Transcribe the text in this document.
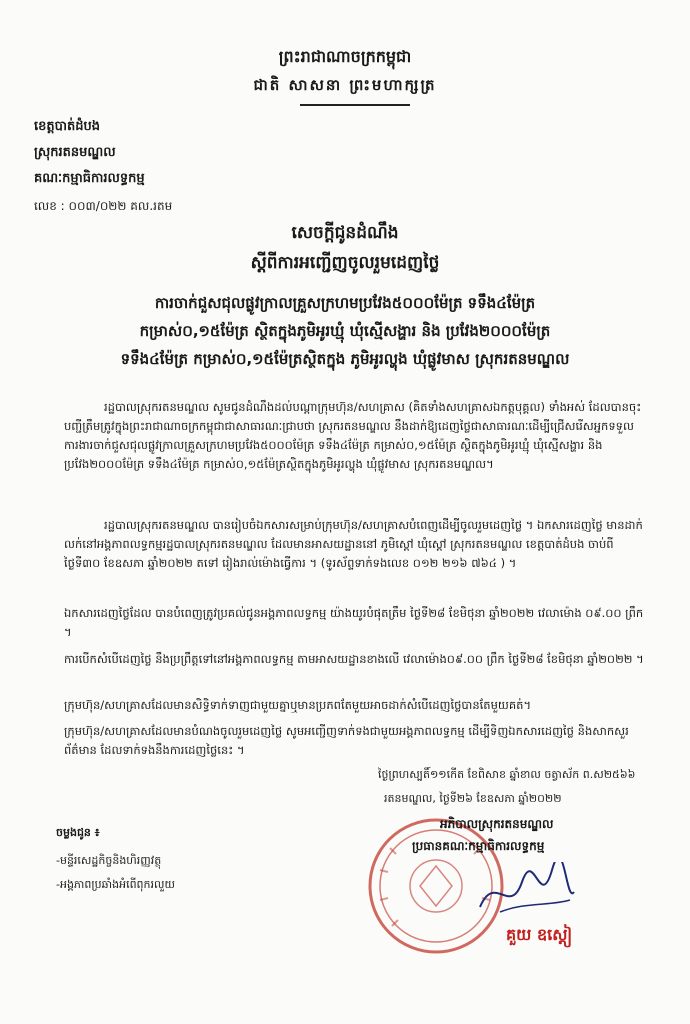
ព្រះរាជាណាចក្រកម្ពុជា
ជាតិ សាសនា ព្រះមហាក្សត្រ
ខេត្តបាត់ដំបង
ស្រុករតនមណ្ឌល
គណៈកម្មាធិការលទ្ធកម្ម
លេខ : ០០៣/០២២ គល.រតម
សេចក្តីជូនដំណឹង
ស្តីពីការអញ្ជើញចូលរួមដេញថ្លៃ
ការចាក់ជួសជុលផ្លូវក្រាលគ្រួសក្រហមប្រវែង៥០០០ម៉ែត្រ ទទឹង៤ម៉ែត្រ
កម្រាស់០,១៥ម៉ែត្រ ស្ថិតក្នុងភូមិអូរឃ្មុំ ឃុំស្មើសង្ហារ និង ប្រវែង២០០០ម៉ែត្រ
ទទឹង៤ម៉ែត្រ កម្រាស់០,១៥ម៉ែត្រស្ថិតក្នុង ភូមិអូរល្ហុង ឃុំផ្លូវមាស ស្រុករតនមណ្ឌល
រដ្ឋបាលស្រុករតនមណ្ឌល សូមជូនដំណឹងដល់បណ្តាក្រុមហ៊ុន/សហគ្រាស (គិតទាំងសហគ្រាសឯកត្តបុគ្គល) ទាំងអស់ ដែលបានចុះបញ្ជីត្រឹមត្រូវក្នុងព្រះរាជាណាចក្រកម្ពុជាជាសាធារណៈជ្រាបថា ស្រុករតនមណ្ឌល នឹងដាក់ឱ្យដេញថ្លៃជាសាធារណៈដើម្បីជ្រើសរើសអ្នកទទួលការងារចាក់ជួសជុលផ្លូវក្រាលគ្រួសក្រហមប្រវែង៥០០០ម៉ែត្រ ទទឹង៤ម៉ែត្រ កម្រាស់០,១៥ម៉ែត្រ ស្ថិតក្នុងភូមិអូរឃ្មុំ ឃុំស្មើសង្ហារ និង ប្រវែង២០០០ម៉ែត្រ ទទឹង៤ម៉ែត្រ កម្រាស់០,១៥ម៉ែត្រស្ថិតក្នុងភូមិអូរល្ហុង ឃុំផ្លូវមាស ស្រុករតនមណ្ឌល។
រដ្ឋបាលស្រុករតនមណ្ឌល បានរៀបចំឯកសារសម្រាប់ក្រុមហ៊ុន/សហគ្រាសបំពេញដើម្បីចូលរួមដេញថ្លៃ ។ ឯកសារដេញថ្លៃ មានដាក់លក់នៅអង្គភាពលទ្ធកម្មរដ្ឋបាលស្រុករតនមណ្ឌល ដែលមានអាសយដ្ឋាននៅ ភូមិស្តៅ ឃុំស្តៅ ស្រុករតនមណ្ឌល ខេត្តបាត់ដំបង ចាប់ពីថ្ងៃទី៣០ ខែឧសភា ឆ្នាំ២០២២ តទៅ រៀងរាល់ម៉ោងធ្វើការ ។ (ទូរស័ព្ទទាក់ទងលេខ ០១២ ២១៦ ៧៦៤ ) ។
ឯកសារដេញថ្លៃដែល បានបំពេញត្រូវប្រគល់ជូនអង្គភាពលទ្ធកម្ម យ៉ាងយូរបំផុតត្រឹម ថ្ងៃទី២៨ ខែមិថុនា ឆ្នាំ២០២២ វេលាម៉ោង ០៩.០០ ព្រឹក ។
ការបើកសំបើដេញថ្លៃ នឹងប្រព្រឹត្តទៅនៅអង្គភាពលទ្ធកម្ម តាមអាសយដ្ឋានខាងលើ វេលាម៉ោង០៩.០០ ព្រឹក ថ្ងៃទី២៨ ខែមិថុនា ឆ្នាំ២០២២ ។
ក្រុមហ៊ុន/សហគ្រាសដែលមានសិទ្ធិទាក់ទាញជាមួយគ្នាឬមានប្រភពតែមួយអាចដាក់សំបើដេញថ្លៃបានតែមួយគត់។
ក្រុមហ៊ុន/សហគ្រាសដែលមានបំណងចូលរួមដេញថ្លៃ សូមអញ្ជើញទាក់ទងជាមួយអង្គភាពលទ្ធកម្ម ដើម្បីទិញឯកសារដេញថ្លៃ និងសាកសួរព័ត៌មាន ដែលទាក់ទងនឹងការដេញថ្លៃនេះ ។
ថ្ងៃព្រហស្បតិ៍១១កើត ខែពិសាខ ឆ្នាំខាល ចត្វាស័ក ព.ស២៥៦៦
រតនមណ្ឌល, ថ្ងៃទី២៦ ខែឧសភា ឆ្នាំ២០២២
អភិបាលស្រុករតនមណ្ឌល
ប្រធានគណៈកម្មាធិការលទ្ធកម្ម
គួយ ឧស្តៀ
ចម្លងជូន ៖
-មន្ទីរសេដ្ឋកិច្ចនិងហិរញ្ញវត្ថុ
-អង្គភាពប្រឆាំងអំពើពុករលួយ
